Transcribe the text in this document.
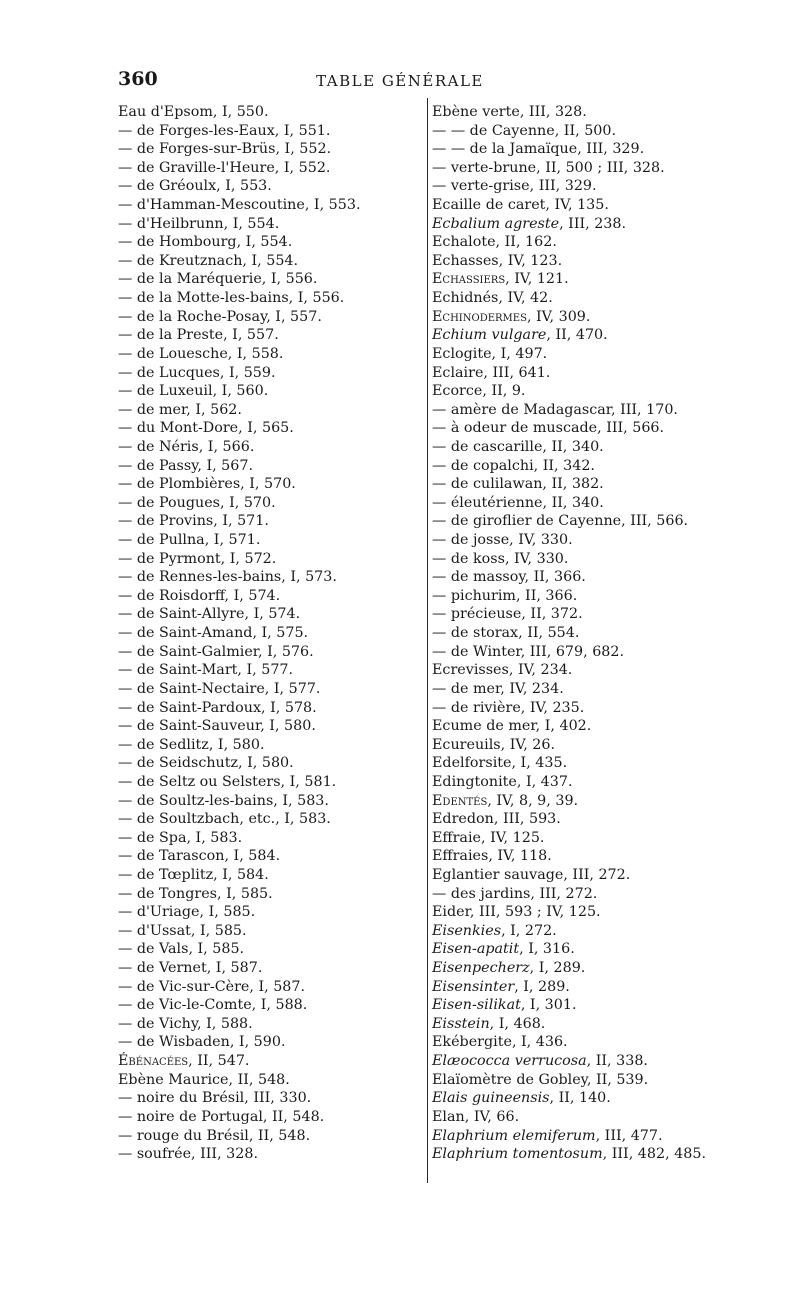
360	TABLE GÉNÉRALE
Eau d'Epsom, I, 550.
— de Forges-les-Eaux, I, 551.
— de Forges-sur-Brüs, I, 552.
— de Graville-l'Heure, I, 552.
— de Gréoulx, I, 553.
— d'Hamman-Mescoutine, I, 553.
— d'Heilbrunn, I, 554.
— de Hombourg, I, 554.
— de Kreutznach, I, 554.
— de la Maréquerie, I, 556.
— de la Motte-les-bains, I, 556.
— de la Roche-Posay, I, 557.
— de la Preste, I, 557.
— de Louesche, I, 558.
— de Lucques, I, 559.
— de Luxeuil, I, 560.
— de mer, I, 562.
— du Mont-Dore, I, 565.
— de Néris, I, 566.
— de Passy, I, 567.
— de Plombières, I, 570.
— de Pougues, I, 570.
— de Provins, I, 571.
— de Pullna, I, 571.
— de Pyrmont, I, 572.
— de Rennes-les-bains, I, 573.
— de Roisdorff, I, 574.
— de Saint-Allyre, I, 574.
— de Saint-Amand, I, 575.
— de Saint-Galmier, I, 576.
— de Saint-Mart, I, 577.
— de Saint-Nectaire, I, 577.
— de Saint-Pardoux, I, 578.
— de Saint-Sauveur, I, 580.
— de Sedlitz, I, 580.
— de Seidschutz, I, 580.
— de Seltz ou Selsters, I, 581.
— de Soultz-les-bains, I, 583.
— de Soultzbach, etc., I, 583.
— de Spa, I, 583.
— de Tarascon, I, 584.
— de Tœplitz, I, 584.
— de Tongres, I, 585.
— d'Uriage, I, 585.
— d'Ussat, I, 585.
— de Vals, I, 585.
— de Vernet, I, 587.
— de Vic-sur-Cère, I, 587.
— de Vic-le-Comte, I, 588.
— de Vichy, I, 588.
— de Wisbaden, I, 590.
Ébénacées, II, 547.
Ebène Maurice, II, 548.
— noire du Brésil, III, 330.
— noire de Portugal, II, 548.
— rouge du Brésil, II, 548.
— soufrée, III, 328.
Ebène verte, III, 328.
— — de Cayenne, II, 500.
— — de la Jamaïque, III, 329.
— verte-brune, II, 500 ; III, 328.
— verte-grise, III, 329.
Ecaille de caret, IV, 135.
Ecbalium agreste, III, 238.
Echalote, II, 162.
Echasses, IV, 123.
Echassiers, IV, 121.
Echidnés, IV, 42.
Echinodermes, IV, 309.
Echium vulgare, II, 470.
Eclogite, I, 497.
Eclaire, III, 641.
Ecorce, II, 9.
— amère de Madagascar, III, 170.
— à odeur de muscade, III, 566.
— de cascarille, II, 340.
— de copalchi, II, 342.
— de culilawan, II, 382.
— éleutérienne, II, 340.
— de giroflier de Cayenne, III, 566.
— de josse, IV, 330.
— de koss, IV, 330.
— de massoy, II, 366.
— pichurim, II, 366.
— précieuse, II, 372.
— de storax, II, 554.
— de Winter, III, 679, 682.
Ecrevisses, IV, 234.
— de mer, IV, 234.
— de rivière, IV, 235.
Ecume de mer, I, 402.
Ecureuils, IV, 26.
Edelforsite, I, 435.
Edingtonite, I, 437.
Edentés, IV, 8, 9, 39.
Edredon, III, 593.
Effraie, IV, 125.
Effraies, IV, 118.
Eglantier sauvage, III, 272.
— des jardins, III, 272.
Eider, III, 593 ; IV, 125.
Eisenkies, I, 272.
Eisen-apatit, I, 316.
Eisenpecherz, I, 289.
Eisensinter, I, 289.
Eisen-silikat, I, 301.
Eisstein, I, 468.
Ekébergite, I, 436.
Elæococca verrucosa, II, 338.
Elaïomètre de Gobley, II, 539.
Elais guineensis, II, 140.
Elan, IV, 66.
Elaphrium elemiferum, III, 477.
Elaphrium tomentosum, III, 482, 485.
